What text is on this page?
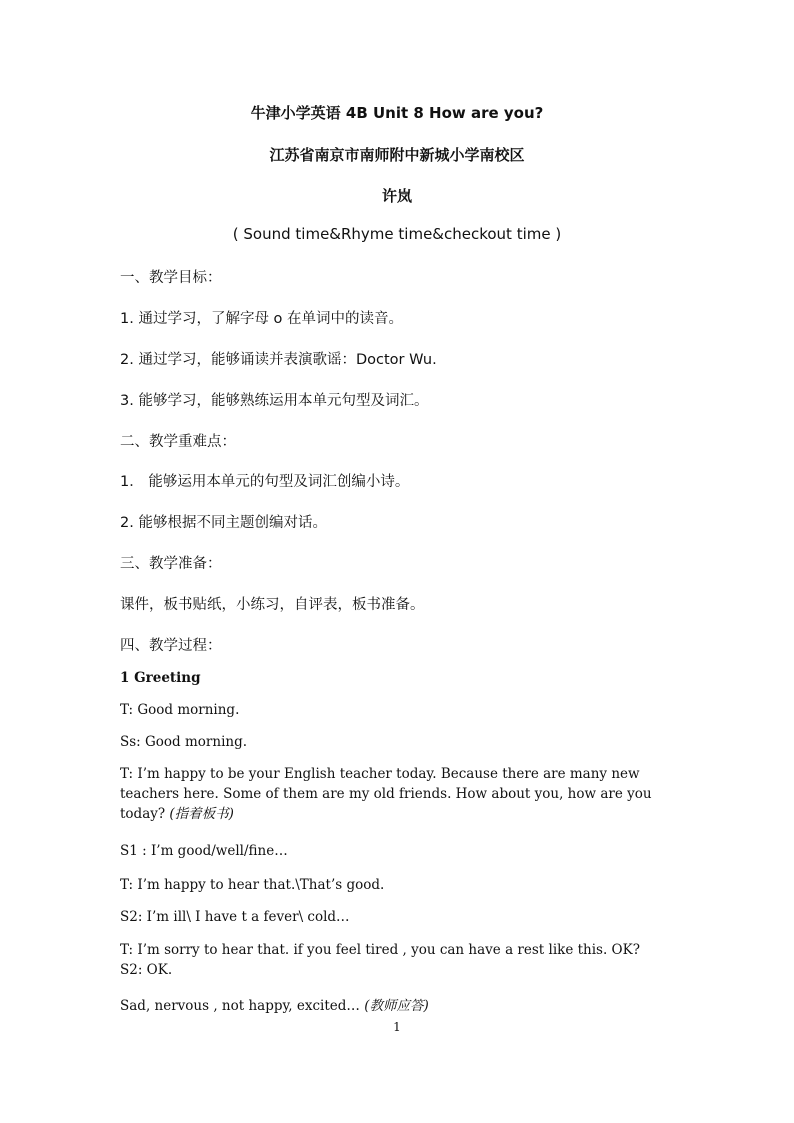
牛津小学英语 4B Unit 8 How are you?
江苏省南京市南师附中新城小学南校区
许岚
( Sound time&Rhyme time&checkout time )
一、教学目标：
1. 通过学习，了解字母 o 在单词中的读音。
2. 通过学习，能够诵读并表演歌谣：Doctor Wu.
3. 能够学习，能够熟练运用本单元句型及词汇。
二、教学重难点：
1． 能够运用本单元的句型及词汇创编小诗。
2. 能够根据不同主题创编对话。
三、教学准备：
课件，板书贴纸，小练习，自评表，板书准备。
四、教学过程：
1 Greeting
T: Good morning.
Ss: Good morning.
T: I’m happy to be your English teacher today. Because there are many new
teachers here. Some of them are my old friends. How about you, how are you
today? (指着板书)
S1 : I’m good/well/fine…
T: I’m happy to hear that.\That’s good.
S2: I’m ill\ I have t a fever\ cold…
T: I’m sorry to hear that. if you feel tired , you can have a rest like this. OK?
S2: OK.
Sad, nervous , not happy, excited… (教师应答)
1
